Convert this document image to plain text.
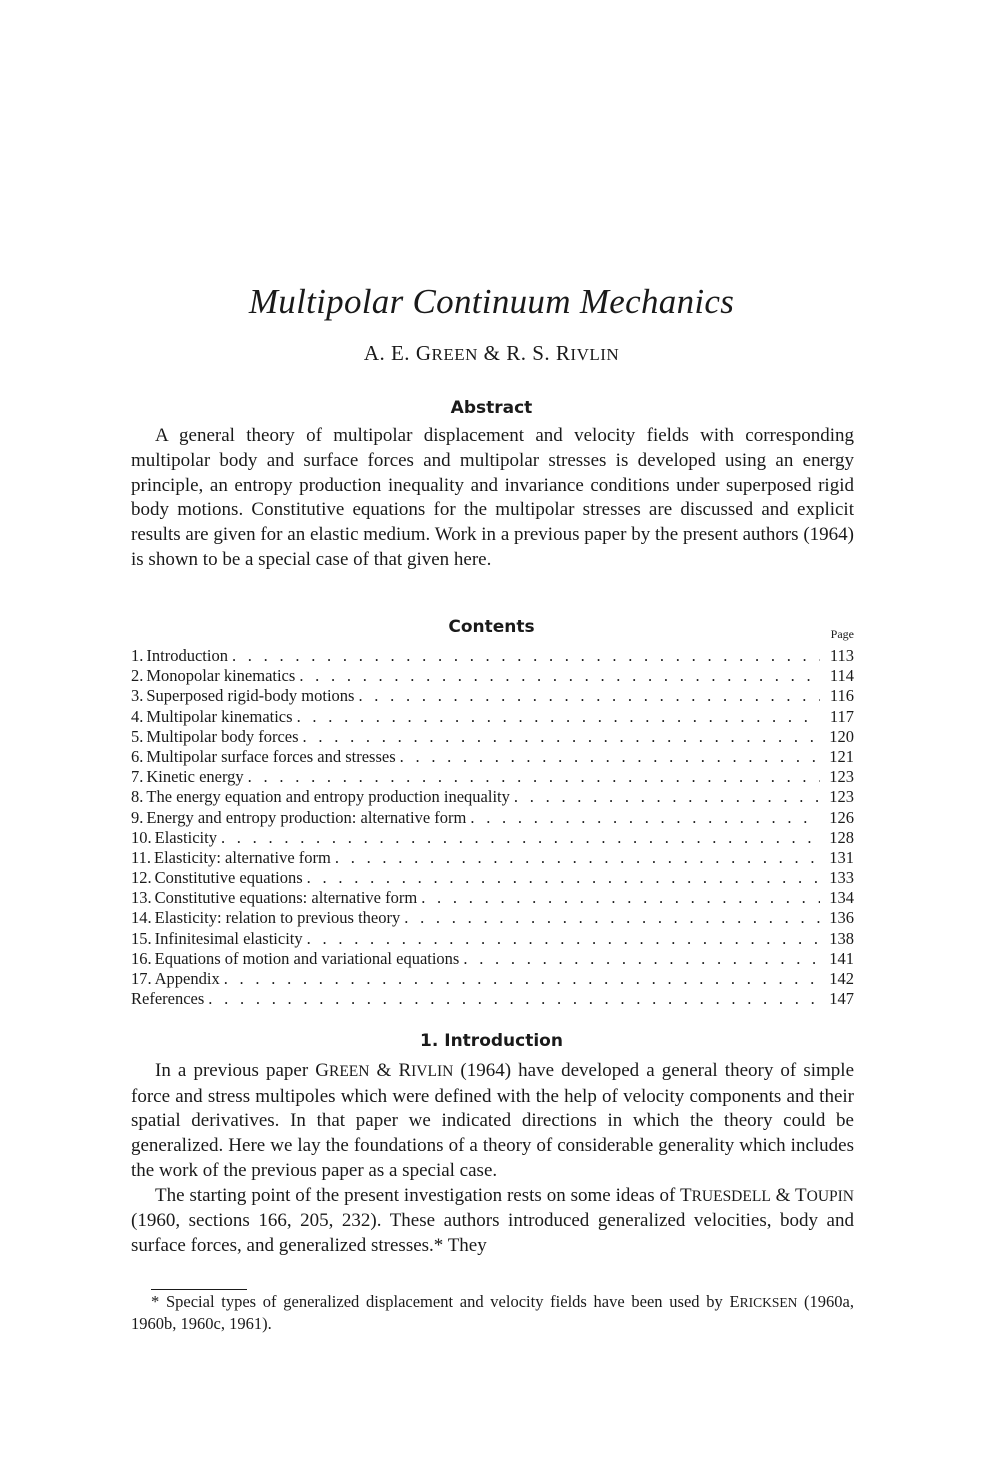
Multipolar Continuum Mechanics
A. E. GREEN & R. S. RIVLIN
Abstract

A general theory of multipolar displacement and velocity fields with corresponding multipolar body and surface forces and multipolar stresses is developed using an energy principle, an entropy production inequality and invariance conditions under superposed rigid body motions. Constitutive equations for the multipolar stresses are discussed and explicit results are given for an elastic medium. Work in a previous paper by the present authors (1964) is shown to be a special case of that given here.

Contents	Page
1. Introduction . . .	113
2. Monopolar kinematics . . .	114
3. Superposed rigid-body motions . . .	116
4. Multipolar kinematics . . .	117
5. Multipolar body forces . . .	120
6. Multipolar surface forces and stresses . . .	121
7. Kinetic energy . . .	123
8. The energy equation and entropy production inequality . . .	123
9. Energy and entropy production: alternative form . . .	126
10. Elasticity . . .	128
11. Elasticity: alternative form . . .	131
12. Constitutive equations . . .	133
13. Constitutive equations: alternative form . . .	134
14. Elasticity: relation to previous theory . . .	136
15. Infinitesimal elasticity . . .	138
16. Equations of motion and variational equations . . .	141
17. Appendix . . .	142
References . . .	147
1. Introduction

In a previous paper GREEN & RIVLIN (1964) have developed a general theory of simple force and stress multipoles which were defined with the help of velocity components and their spatial derivatives. In that paper we indicated directions in which the theory could be generalized. Here we lay the foundations of a theory of considerable generality which includes the work of the previous paper as a special case.

The starting point of the present investigation rests on some ideas of TRUESDELL & TOUPIN (1960, sections 166, 205, 232). These authors introduced generalized velocities, body and surface forces, and generalized stresses.* They

* Special types of generalized displacement and velocity fields have been used by ERICKSEN (1960a, 1960b, 1960c, 1961).
